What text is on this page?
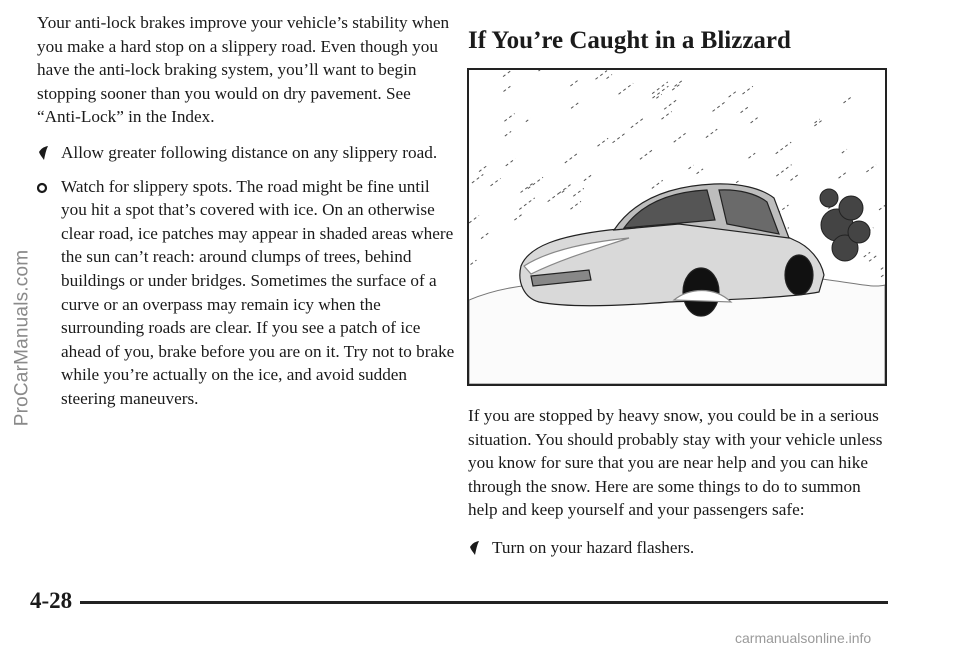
ProCarManuals.com

Your anti-lock brakes improve your vehicle’s stability when you make a hard stop on a slippery road. Even though you have the anti-lock braking system, you’ll want to begin stopping sooner than you would on dry pavement. See “Anti-Lock” in the Index.

Allow greater following distance on any slippery road.
Watch for slippery spots. The road might be fine until you hit a spot that’s covered with ice. On an otherwise clear road, ice patches may appear in shaded areas where the sun can’t reach: around clumps of trees, behind buildings or under bridges. Sometimes the surface of a curve or an overpass may remain icy when the surrounding roads are clear. If you see a patch of ice ahead of you, brake before you are on it. Try not to brake while you’re actually on the ice, and avoid sudden steering maneuvers.
If You’re Caught in a Blizzard

If you are stopped by heavy snow, you could be in a serious situation. You should probably stay with your vehicle unless you know for sure that you are near help and you can hike through the snow. Here are some things to do to summon help and keep yourself and your passengers safe:

Turn on your hazard flashers.
4-28
carmanualsonline.info
